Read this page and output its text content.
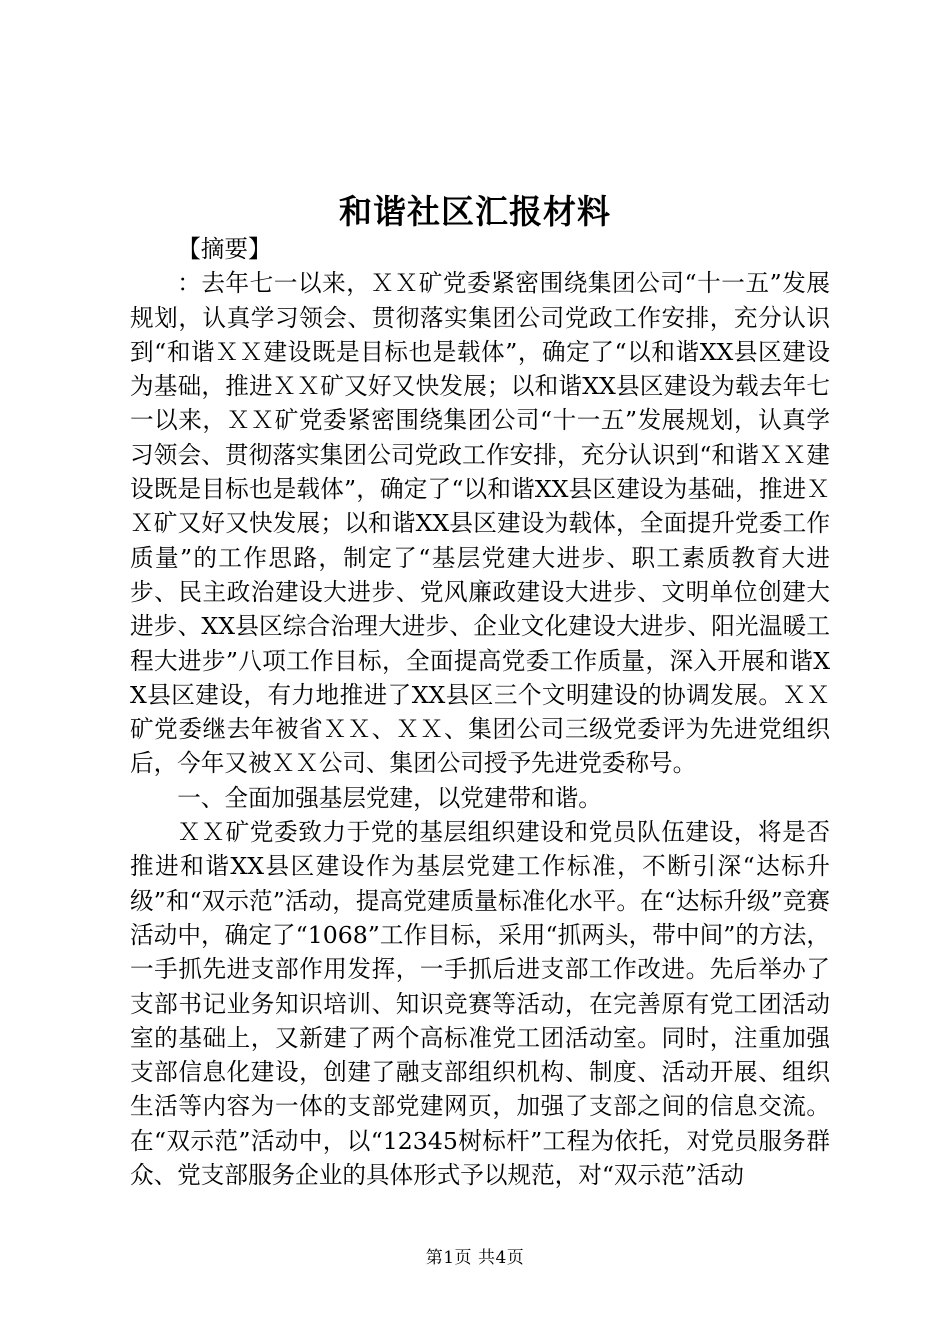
和谐社区汇报材料

【摘要】

：去年七一以来，ＸＸ矿党委紧密围绕集团公司“十一五”发展规划，认真学习领会、贯彻落实集团公司党政工作安排，充分认识到“和谐ＸＸ建设既是目标也是载体”，确定了“以和谐XX县区建设为基础，推进ＸＸ矿又好又快发展；以和谐XX县区建设为载去年七一以来，ＸＸ矿党委紧密围绕集团公司“十一五”发展规划，认真学习领会、贯彻落实集团公司党政工作安排，充分认识到“和谐ＸＸ建设既是目标也是载体”，确定了“以和谐XX县区建设为基础，推进ＸＸ矿又好又快发展；以和谐XX县区建设为载体，全面提升党委工作质量”的工作思路，制定了“基层党建大进步、职工素质教育大进步、民主政治建设大进步、党风廉政建设大进步、文明单位创建大进步、XX县区综合治理大进步、企业文化建设大进步、阳光温暖工程大进步”八项工作目标，全面提高党委工作质量，深入开展和谐XX县区建设，有力地推进了XX县区三个文明建设的协调发展。ＸＸ矿党委继去年被省ＸＸ、ＸＸ、集团公司三级党委评为先进党组织后，今年又被ＸＸ公司、集团公司授予先进党委称号。

一、全面加强基层党建，以党建带和谐。

ＸＸ矿党委致力于党的基层组织建设和党员队伍建设，将是否推进和谐XX县区建设作为基层党建工作标准，不断引深“达标升级”和“双示范”活动，提高党建质量标准化水平。在“达标升级”竞赛活动中，确定了“1068”工作目标，采用“抓两头，带中间”的方法，一手抓先进支部作用发挥，一手抓后进支部工作改进。先后举办了支部书记业务知识培训、知识竞赛等活动，在完善原有党工团活动室的基础上，又新建了两个高标准党工团活动室。同时，注重加强支部信息化建设，创建了融支部组织机构、制度、活动开展、组织生活等内容为一体的支部党建网页，加强了支部之间的信息交流。在“双示范”活动中，以“12345树标杆”工程为依托，对党员服务群众、党支部服务企业的具体形式予以规范，对“双示范”活动

第1页 共4页
